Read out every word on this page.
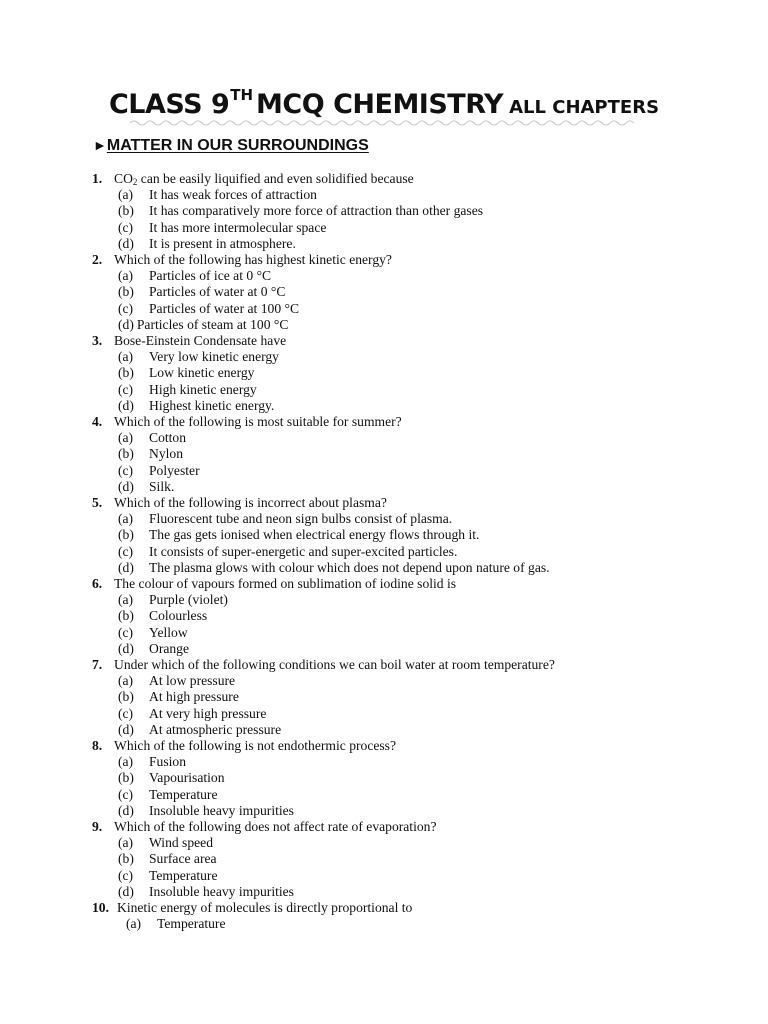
CLASS 9TH MCQ CHEMISTRY ALL CHAPTERS
►MATTER IN OUR SURROUNDINGS
1. $CO_2$ can be easily liquified and even solidified because
(a) It has weak forces of attraction
(b) It has comparatively more force of attraction than other gases
(c) It has more intermolecular space
(d) It is present in atmosphere.
2. Which of the following has highest kinetic energy?
(a) Particles of ice at 0 °C
(b) Particles of water at 0 °C
(c) Particles of water at 100 °C
(d) Particles of steam at 100 °C
3. Bose-Einstein Condensate have
(a) Very low kinetic energy
(b) Low kinetic energy
(c) High kinetic energy
(d) Highest kinetic energy.
4. Which of the following is most suitable for summer?
(a) Cotton
(b) Nylon
(c) Polyester
(d) Silk.
5. Which of the following is incorrect about plasma?
(a) Fluorescent tube and neon sign bulbs consist of plasma.
(b) The gas gets ionised when electrical energy flows through it.
(c) It consists of super-energetic and super-excited particles.
(d) The plasma glows with colour which does not depend upon nature of gas.
6. The colour of vapours formed on sublimation of iodine solid is
(a) Purple (violet)
(b) Colourless
(c) Yellow
(d) Orange
7. Under which of the following conditions we can boil water at room temperature?
(a) At low pressure
(b) At high pressure
(c) At very high pressure
(d) At atmospheric pressure
8. Which of the following is not endothermic process?
(a) Fusion
(b) Vapourisation
(c) Temperature
(d) Insoluble heavy impurities
9. Which of the following does not affect rate of evaporation?
(a) Wind speed
(b) Surface area
(c) Temperature
(d) Insoluble heavy impurities
10. Kinetic energy of molecules is directly proportional to
(a) Temperature
